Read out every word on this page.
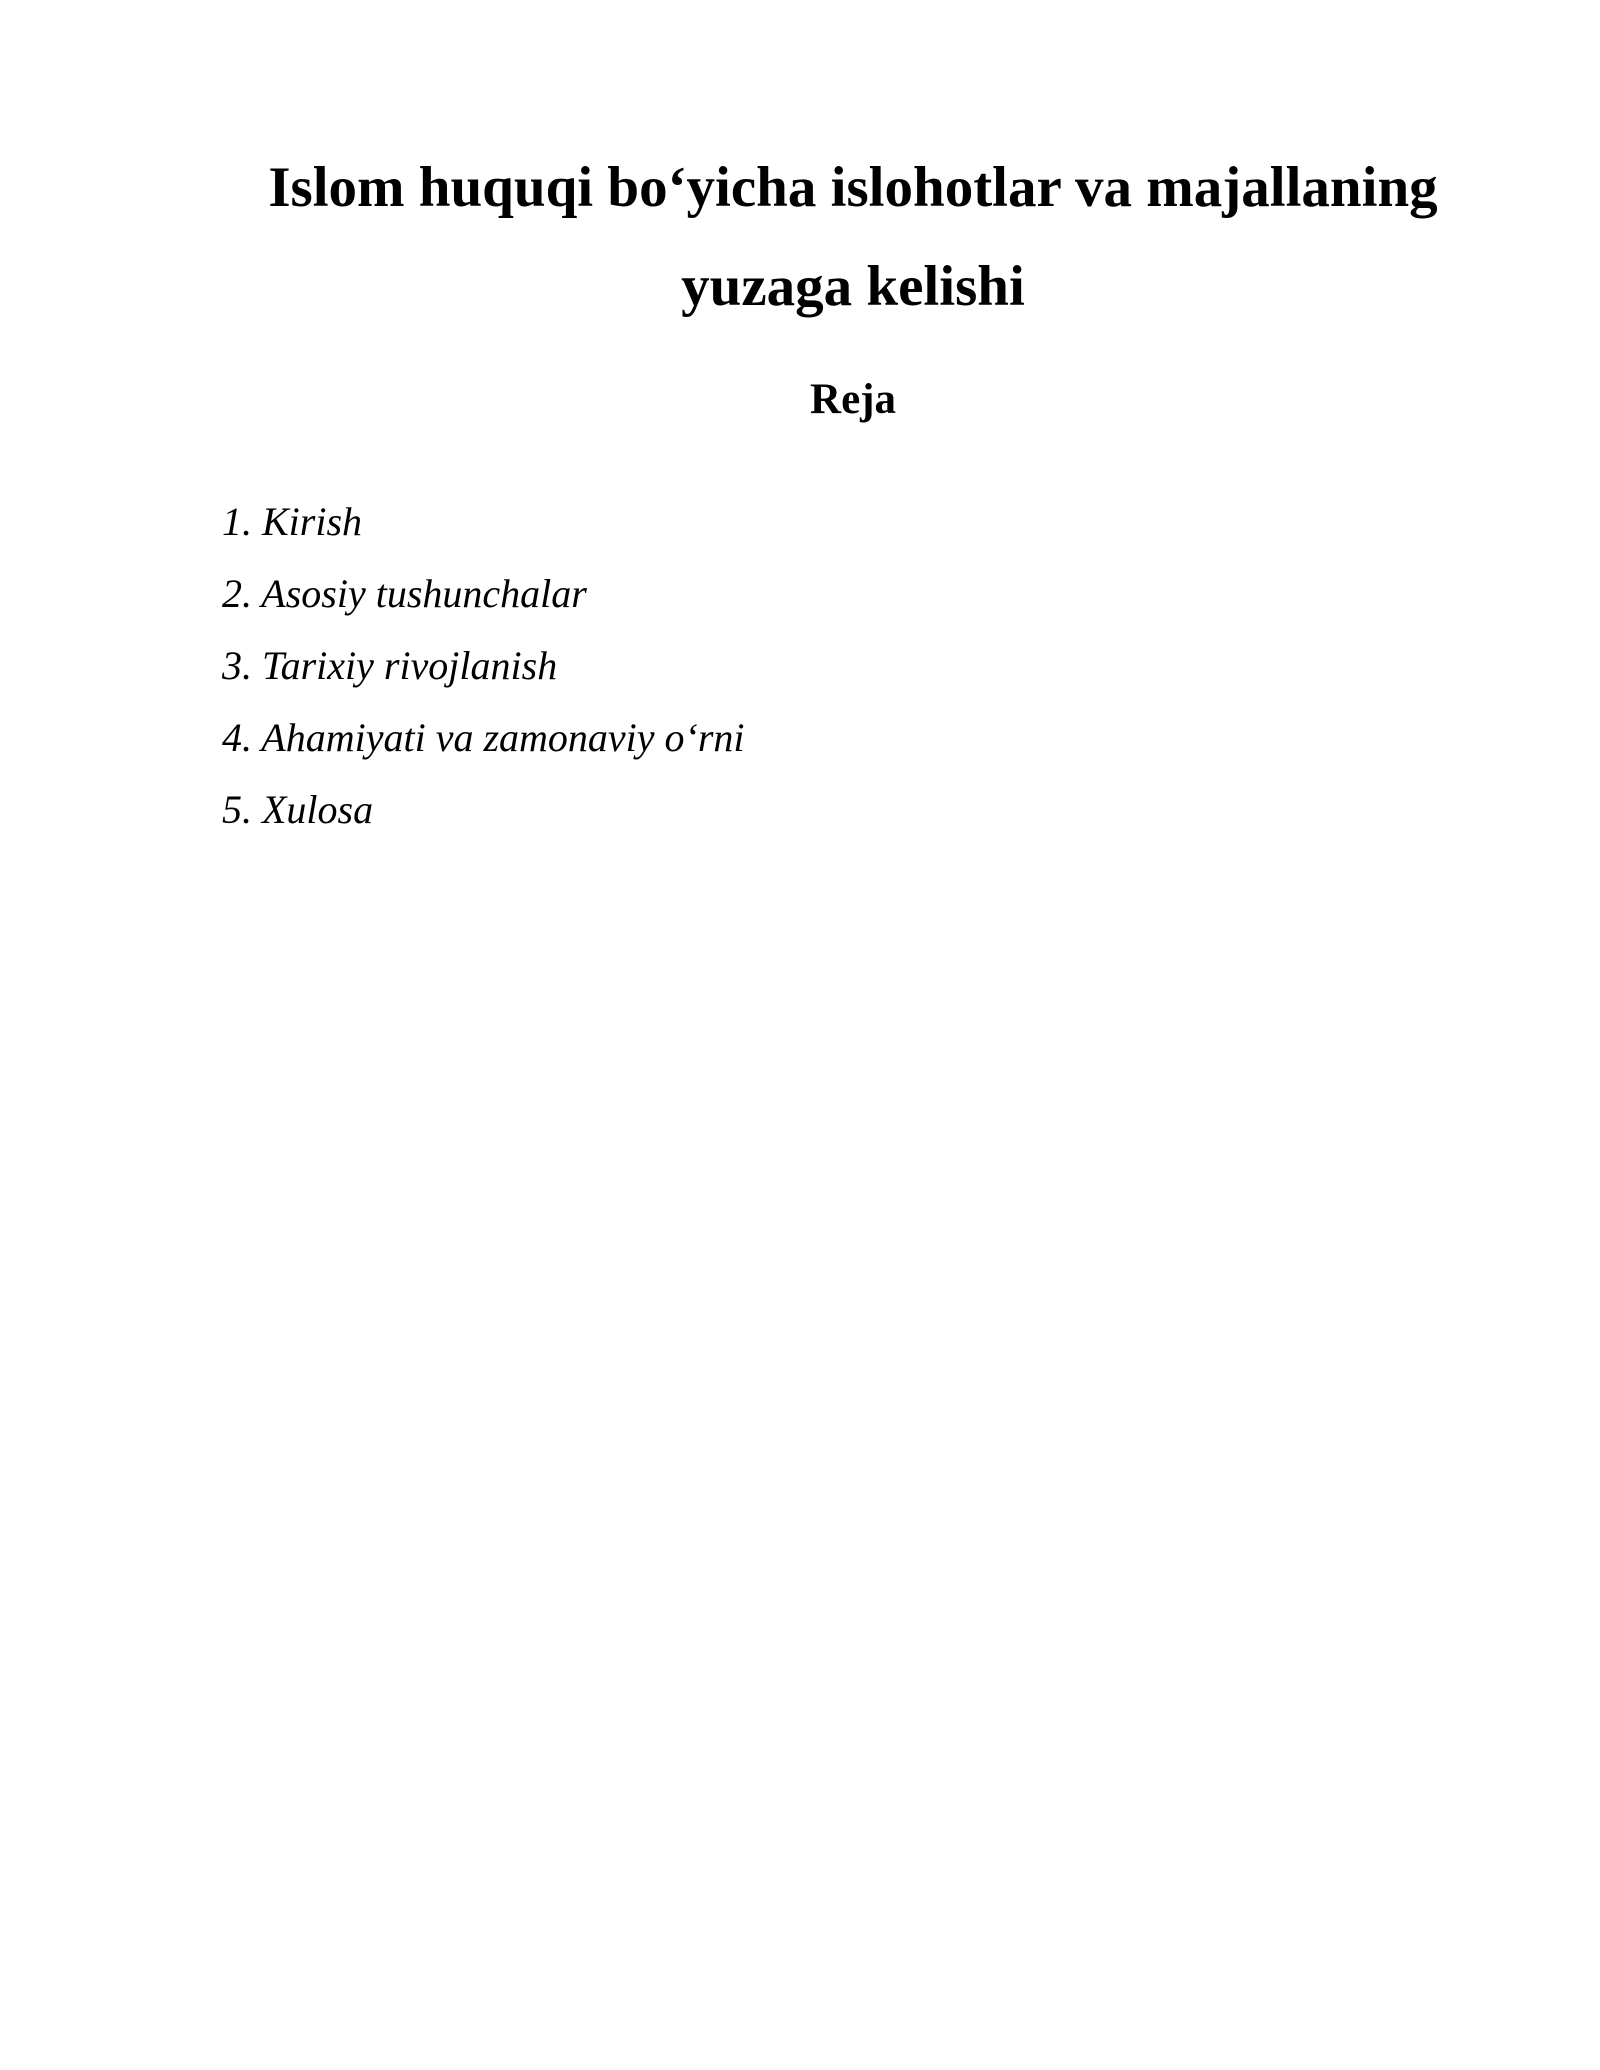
Islom huquqi bo‘yicha islohotlar va majallaning
yuzaga kelishi
Reja
1. Kirish
2. Asosiy tushunchalar
3. Tarixiy rivojlanish
4. Ahamiyati va zamonaviy o‘rni
5. Xulosa
